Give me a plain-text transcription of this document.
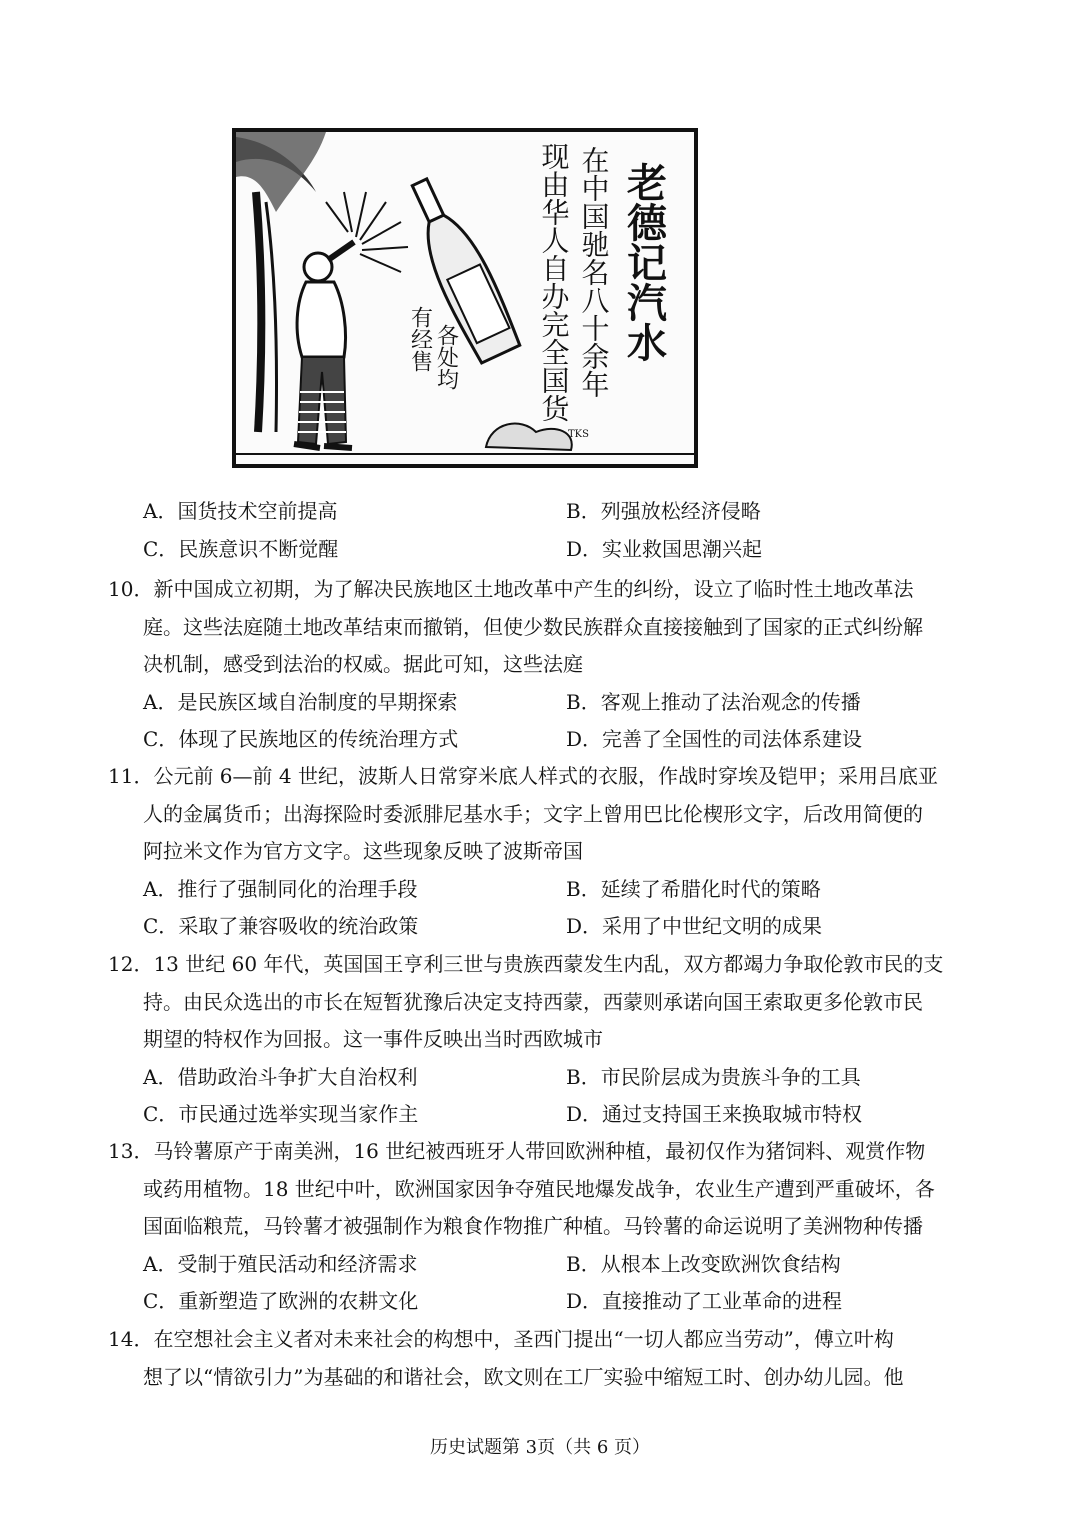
老德记汽水
在中国驰名八十余年
现由华人自办完全国货
各处均
有经售
TKS
A．国货技术空前提高	B．列强放松经济侵略
C．民族意识不断觉醒	D．实业救国思潮兴起
10．新中国成立初期，为了解决民族地区土地改革中产生的纠纷，设立了临时性土地改革法
庭。这些法庭随土地改革结束而撤销，但使少数民族群众直接接触到了国家的正式纠纷解
决机制，感受到法治的权威。据此可知，这些法庭
A．是民族区域自治制度的早期探索	B．客观上推动了法治观念的传播
C．体现了民族地区的传统治理方式	D．完善了全国性的司法体系建设
11．公元前 6—前 4 世纪，波斯人日常穿米底人样式的衣服，作战时穿埃及铠甲；采用吕底亚
人的金属货币；出海探险时委派腓尼基水手；文字上曾用巴比伦楔形文字，后改用简便的
阿拉米文作为官方文字。这些现象反映了波斯帝国
A．推行了强制同化的治理手段	B．延续了希腊化时代的策略
C．采取了兼容吸收的统治政策	D．采用了中世纪文明的成果
12．13 世纪 60 年代，英国国王亨利三世与贵族西蒙发生内乱，双方都竭力争取伦敦市民的支
持。由民众选出的市长在短暂犹豫后决定支持西蒙，西蒙则承诺向国王索取更多伦敦市民
期望的特权作为回报。这一事件反映出当时西欧城市
A．借助政治斗争扩大自治权利	B．市民阶层成为贵族斗争的工具
C．市民通过选举实现当家作主	D．通过支持国王来换取城市特权
13．马铃薯原产于南美洲，16 世纪被西班牙人带回欧洲种植，最初仅作为猪饲料、观赏作物
或药用植物。18 世纪中叶，欧洲国家因争夺殖民地爆发战争，农业生产遭到严重破坏，各
国面临粮荒，马铃薯才被强制作为粮食作物推广种植。马铃薯的命运说明了美洲物种传播
A．受制于殖民活动和经济需求	B．从根本上改变欧洲饮食结构
C．重新塑造了欧洲的农耕文化	D．直接推动了工业革命的进程
14．在空想社会主义者对未来社会的构想中，圣西门提出“一切人都应当劳动”，傅立叶构
想了以“情欲引力”为基础的和谐社会，欧文则在工厂实验中缩短工时、创办幼儿园。他
历史试题第 3页（共 6 页）
